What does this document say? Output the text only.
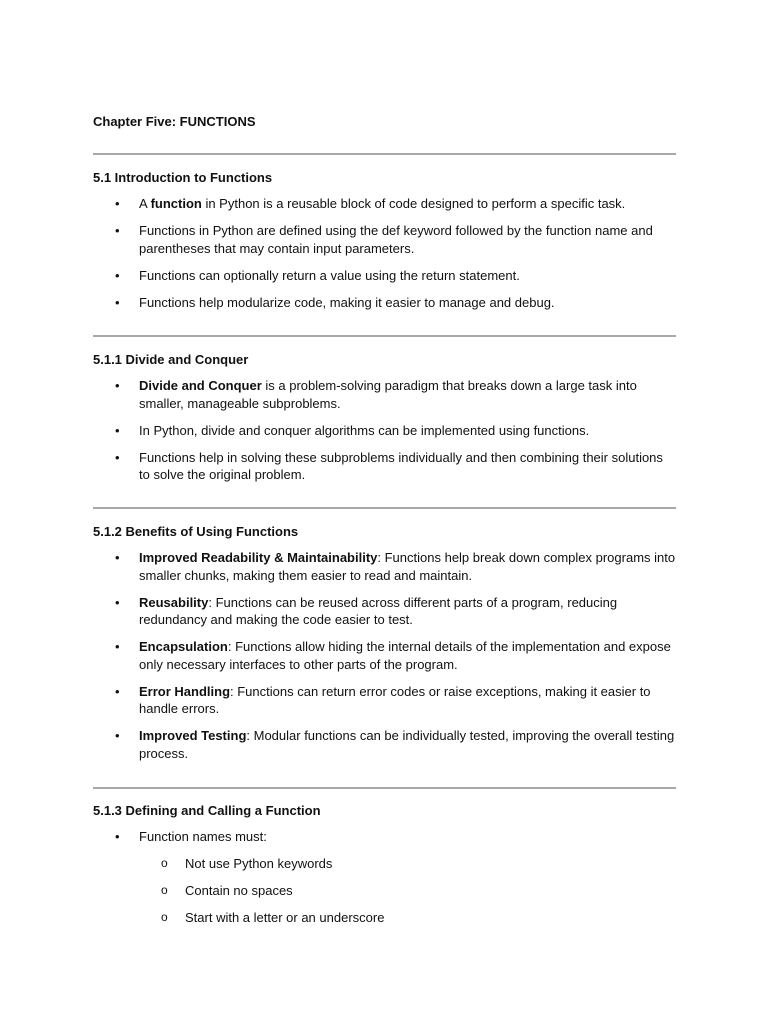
Chapter Five: FUNCTIONS
5.1 Introduction to Functions
• A function in Python is a reusable block of code designed to perform a specific task.
• Functions in Python are defined using the def keyword followed by the function name and parentheses that may contain input parameters.
• Functions can optionally return a value using the return statement.
• Functions help modularize code, making it easier to manage and debug.
5.1.1 Divide and Conquer
• Divide and Conquer is a problem-solving paradigm that breaks down a large task into smaller, manageable subproblems.
• In Python, divide and conquer algorithms can be implemented using functions.
• Functions help in solving these subproblems individually and then combining their solutions to solve the original problem.
5.1.2 Benefits of Using Functions
• Improved Readability & Maintainability: Functions help break down complex programs into smaller chunks, making them easier to read and maintain.
• Reusability: Functions can be reused across different parts of a program, reducing redundancy and making the code easier to test.
• Encapsulation: Functions allow hiding the internal details of the implementation and expose only necessary interfaces to other parts of the program.
• Error Handling: Functions can return error codes or raise exceptions, making it easier to handle errors.
• Improved Testing: Modular functions can be individually tested, improving the overall testing process.
5.1.3 Defining and Calling a Function
• Function names must:
o Not use Python keywords
o Contain no spaces
o Start with a letter or an underscore
